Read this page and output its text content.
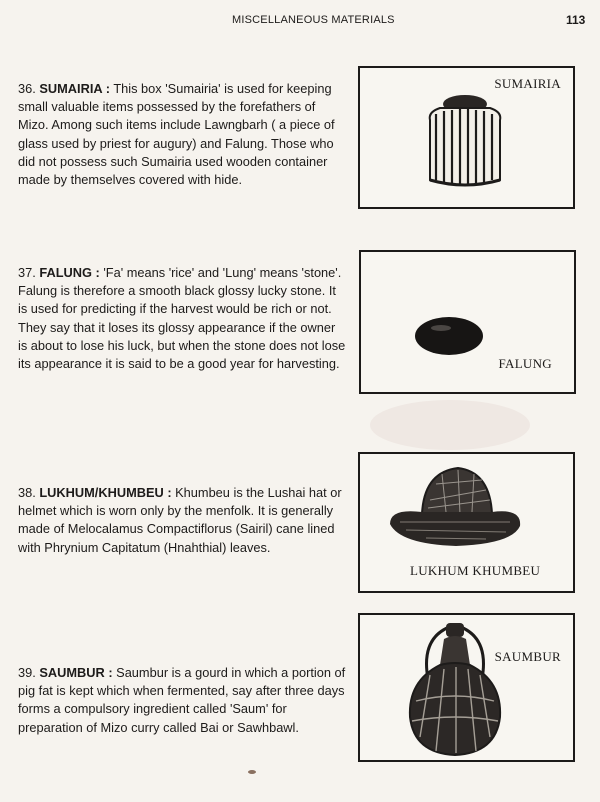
MISCELLANEOUS MATERIALS	113
36. SUMAIRIA : This box 'Sumairia' is used for keeping small valuable items possessed by the forefathers of Mizo. Among such items include Lawngbarh ( a piece of glass used by priest for augury) and Falung. Those who did not possess such Sumairia used wooden container made by themselves covered with hide.
SUMAIRIA
37. FALUNG : 'Fa' means 'rice' and 'Lung' means 'stone'. Falung is therefore a smooth black glossy lucky stone. It is used for predicting if the harvest would be rich or not. They say that it loses its glossy appearance if the owner is about to lose his luck, but when the stone does not lose its appearance it is said to be a good year for harvesting.	FALUNG
38. LUKHUM/KHUMBEU : Khumbeu is the Lushai hat or helmet which is worn only by the menfolk. It is generally made of Melocalamus Compactiflorus (Sairil) cane lined with Phrynium Capitatum (Hnahthial) leaves.
LUKHUM KHUMBEU
39. SAUMBUR : Saumbur is a gourd in which a portion of pig fat is kept which when fermented, say after three days forms a compulsory ingredient called 'Saum' for preparation of Mizo curry called Bai or Sawhbawl.
SAUMBUR
